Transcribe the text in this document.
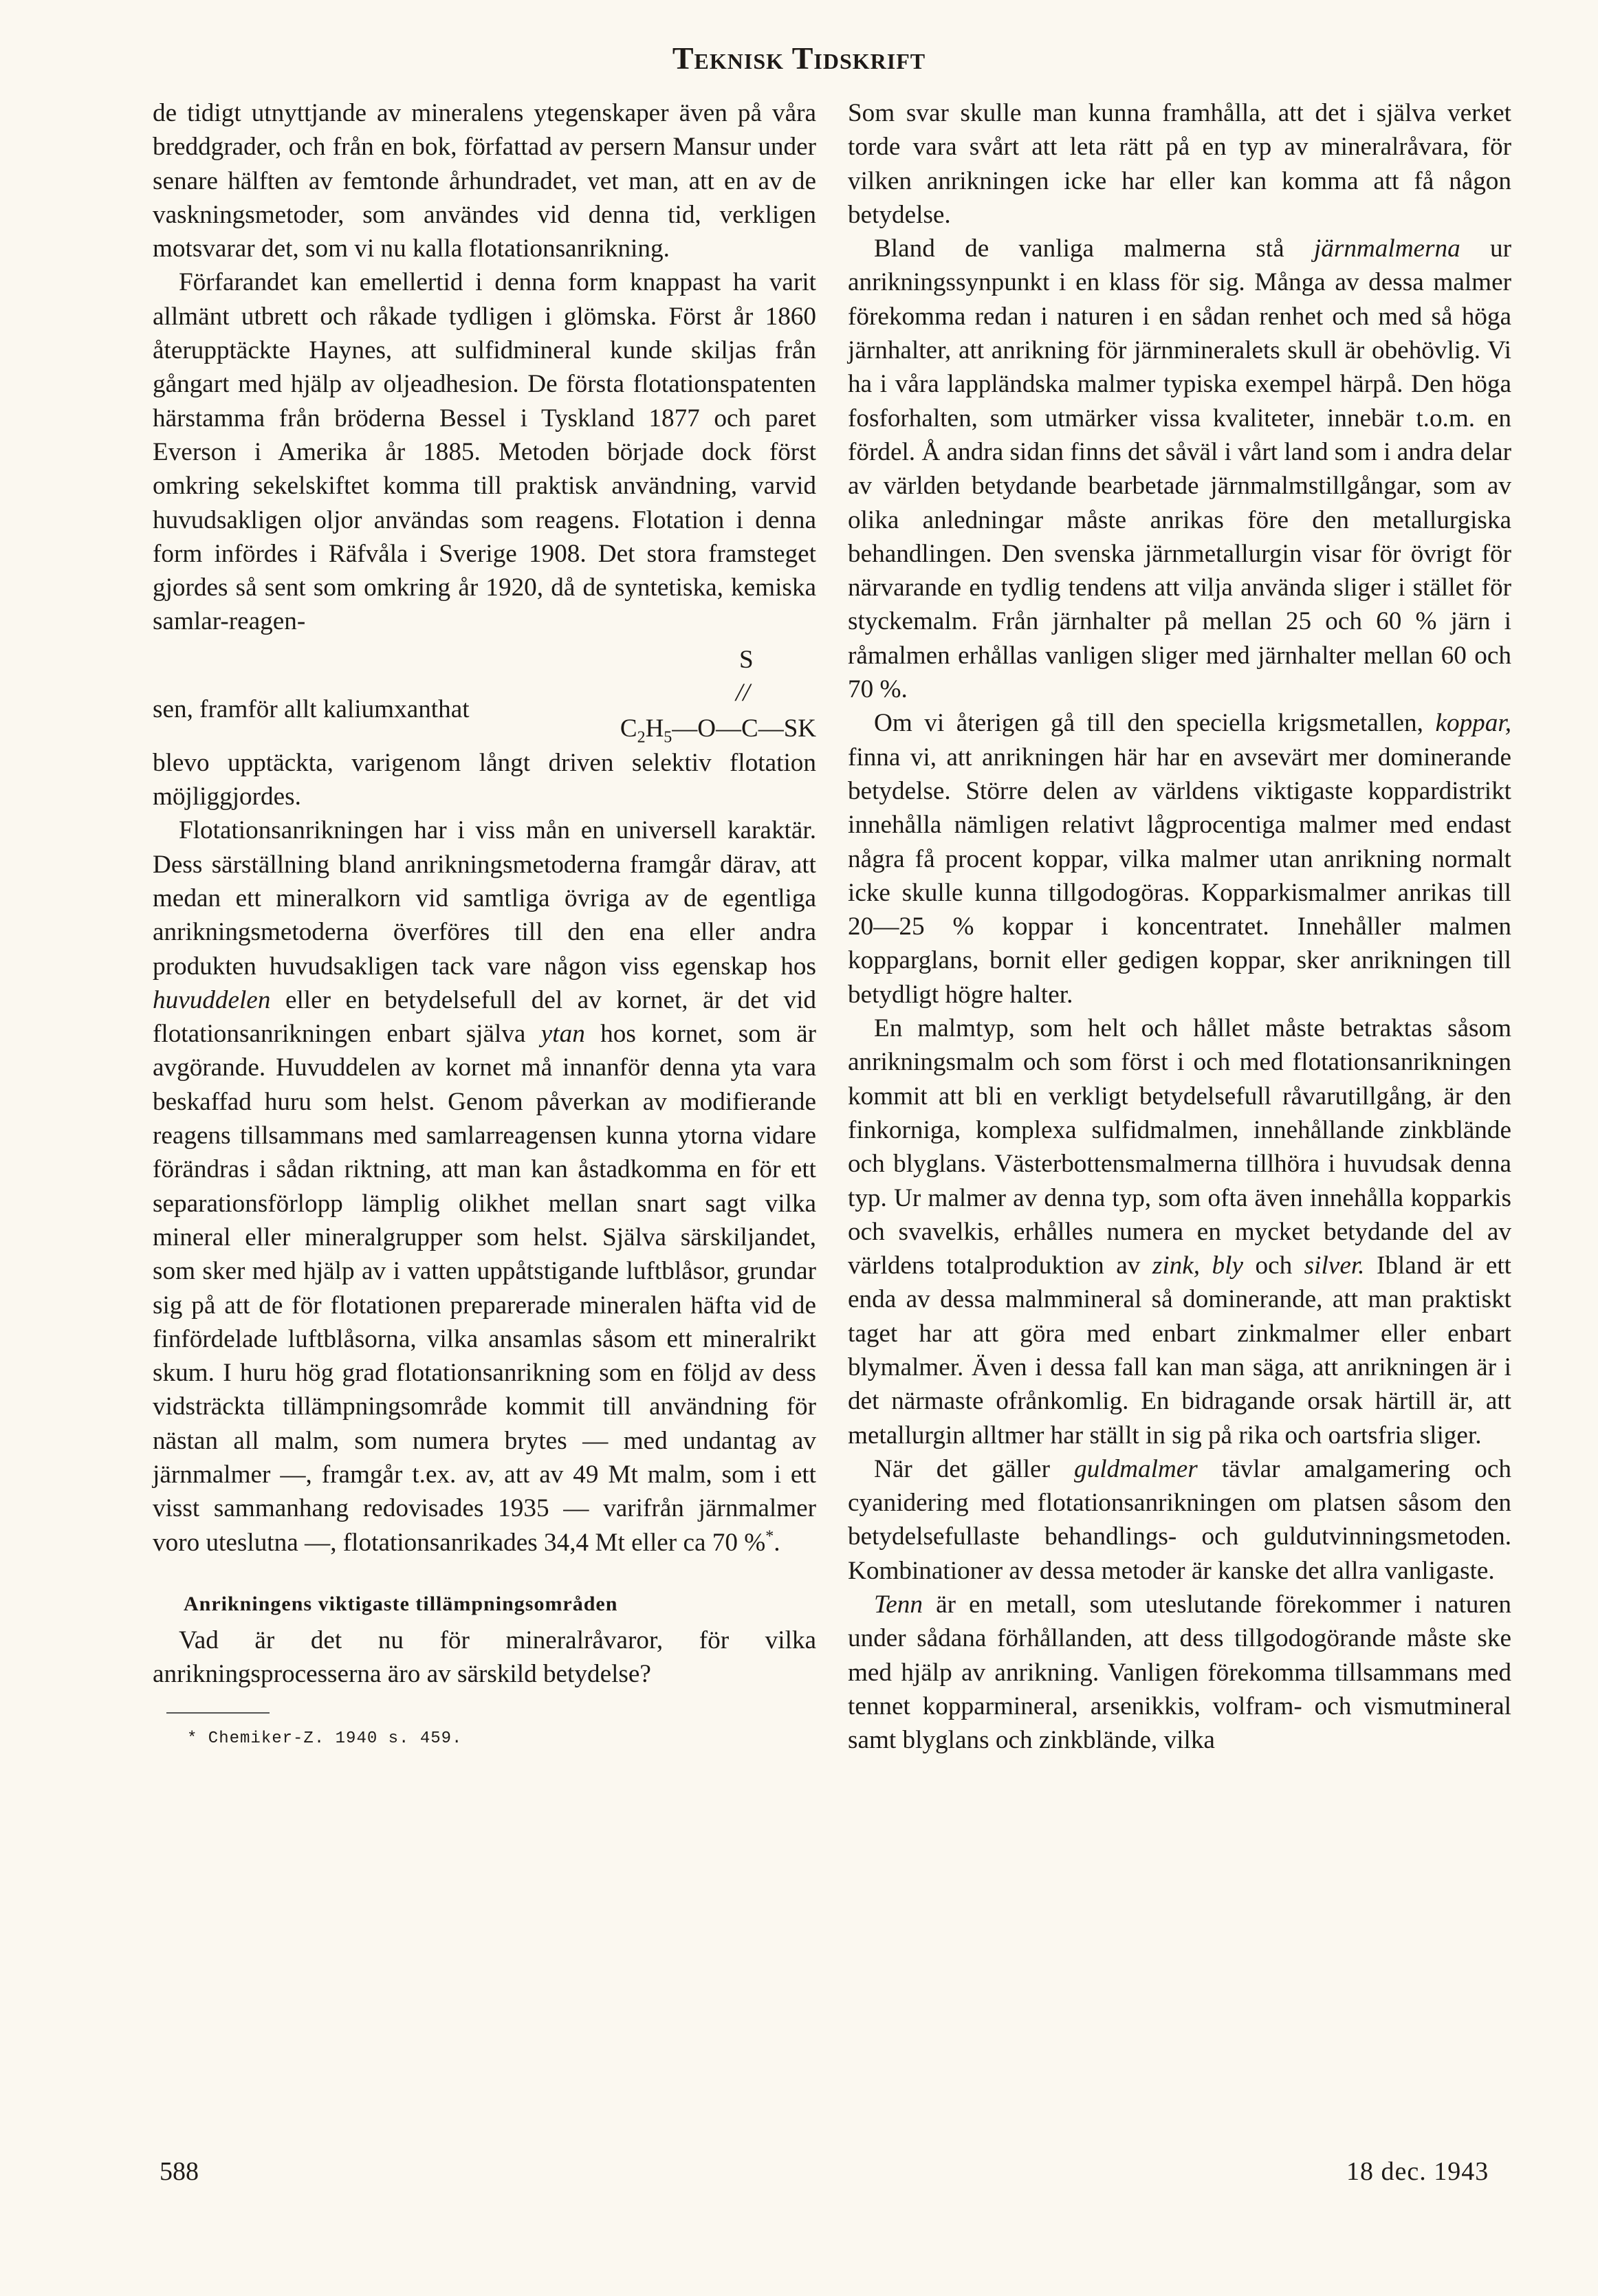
Teknisk Tidskrift

de tidigt utnyttjande av mineralens ytegenskaper även på våra breddgrader, och från en bok, författad av persern Mansur under senare hälften av femtonde århundradet, vet man, att en av de vaskningsmetoder, som användes vid denna tid, verkligen motsvarar det, som vi nu kalla flotationsanrikning.

Förfarandet kan emellertid i denna form knappast ha varit allmänt utbrett och råkade tydligen i glömska. Först år 1860 återupptäckte Haynes, att sulfidmineral kunde skiljas från gångart med hjälp av oljeadhesion. De första flotationspatenten härstamma från bröderna Bessel i Tyskland 1877 och paret Everson i Amerika år 1885. Metoden började dock först omkring sekelskiftet komma till praktisk användning, varvid huvudsakligen oljor användas som reagens. Flotation i denna form infördes i Räfvåla i Sverige 1908. Det stora framsteget gjordes så sent som omkring år 1920, då de syntetiska, kemiska samlar-reagen-

sen, framför allt kaliumxanthat
S
//
$C_2H_5—O—C—SK$

blevo upptäckta, varigenom långt driven selektiv flotation möjliggjordes.

Flotationsanrikningen har i viss mån en universell karaktär. Dess särställning bland anrikningsmetoderna framgår därav, att medan ett mineralkorn vid samtliga övriga av de egentliga anrikningsmetoderna överföres till den ena eller andra produkten huvudsakligen tack vare någon viss egenskap hos huvuddelen eller en betydelsefull del av kornet, är det vid flotationsanrikningen enbart själva ytan hos kornet, som är avgörande. Huvuddelen av kornet må innanför denna yta vara beskaffad huru som helst. Genom påverkan av modifierande reagens tillsammans med samlarreagensen kunna ytorna vidare förändras i sådan riktning, att man kan åstadkomma en för ett separationsförlopp lämplig olikhet mellan snart sagt vilka mineral eller mineralgrupper som helst. Själva särskiljandet, som sker med hjälp av i vatten uppåtstigande luftblåsor, grundar sig på att de för flotationen preparerade mineralen häfta vid de finfördelade luftblåsorna, vilka ansamlas såsom ett mineralrikt skum. I huru hög grad flotationsanrikning som en följd av dess vidsträckta tillämpningsområde kommit till användning för nästan all malm, som numera brytes — med undantag av järnmalmer —, framgår t.ex. av, att av 49 Mt malm, som i ett visst sammanhang redovisades 1935 — varifrån järnmalmer voro uteslutna —, flotationsanrikades 34,4 Mt eller ca 70 %*.

Anrikningens viktigaste tillämpningsområden

Vad är det nu för mineralråvaror, för vilka anrikningsprocesserna äro av särskild betydelse?

* Chemiker-Z. 1940 s. 459.

Som svar skulle man kunna framhålla, att det i själva verket torde vara svårt att leta rätt på en typ av mineralråvara, för vilken anrikningen icke har eller kan komma att få någon betydelse.

Bland de vanliga malmerna stå järnmalmerna ur anrikningssynpunkt i en klass för sig. Många av dessa malmer förekomma redan i naturen i en sådan renhet och med så höga järnhalter, att anrikning för järnmineralets skull är obehövlig. Vi ha i våra lappländska malmer typiska exempel härpå. Den höga fosforhalten, som utmärker vissa kvaliteter, innebär t.o.m. en fördel. Å andra sidan finns det såväl i vårt land som i andra delar av världen betydande bearbetade järnmalmstillgångar, som av olika anledningar måste anrikas före den metallurgiska behandlingen. Den svenska järnmetallurgin visar för övrigt för närvarande en tydlig tendens att vilja använda sliger i stället för styckemalm. Från järnhalter på mellan 25 och 60 % järn i råmalmen erhållas vanligen sliger med järnhalter mellan 60 och 70 %.

Om vi återigen gå till den speciella krigsmetallen, koppar, finna vi, att anrikningen här har en avsevärt mer dominerande betydelse. Större delen av världens viktigaste koppardistrikt innehålla nämligen relativt lågprocentiga malmer med endast några få procent koppar, vilka malmer utan anrikning normalt icke skulle kunna tillgodogöras. Kopparkismalmer anrikas till 20—25 % koppar i koncentratet. Innehåller malmen kopparglans, bornit eller gedigen koppar, sker anrikningen till betydligt högre halter.

En malmtyp, som helt och hållet måste betraktas såsom anrikningsmalm och som först i och med flotationsanrikningen kommit att bli en verkligt betydelsefull råvarutillgång, är den finkorniga, komplexa sulfidmalmen, innehållande zinkblände och blyglans. Västerbottensmalmerna tillhöra i huvudsak denna typ. Ur malmer av denna typ, som ofta även innehålla kopparkis och svavelkis, erhålles numera en mycket betydande del av världens totalproduktion av zink, bly och silver. Ibland är ett enda av dessa malmmineral så dominerande, att man praktiskt taget har att göra med enbart zinkmalmer eller enbart blymalmer. Även i dessa fall kan man säga, att anrikningen är i det närmaste ofrånkomlig. En bidragande orsak härtill är, att metallurgin alltmer har ställt in sig på rika och oartsfria sliger.

När det gäller guldmalmer tävlar amalgamering och cyanidering med flotationsanrikningen om platsen såsom den betydelsefullaste behandlings- och guldutvinningsmetoden. Kombinationer av dessa metoder är kanske det allra vanligaste.

Tenn är en metall, som uteslutande förekommer i naturen under sådana förhållanden, att dess tillgodogörande måste ske med hjälp av anrikning. Vanligen förekomma tillsammans med tennet kopparmineral, arsenikkis, volfram- och vismutmineral samt blyglans och zinkblände, vilka

588	18 dec. 1943
